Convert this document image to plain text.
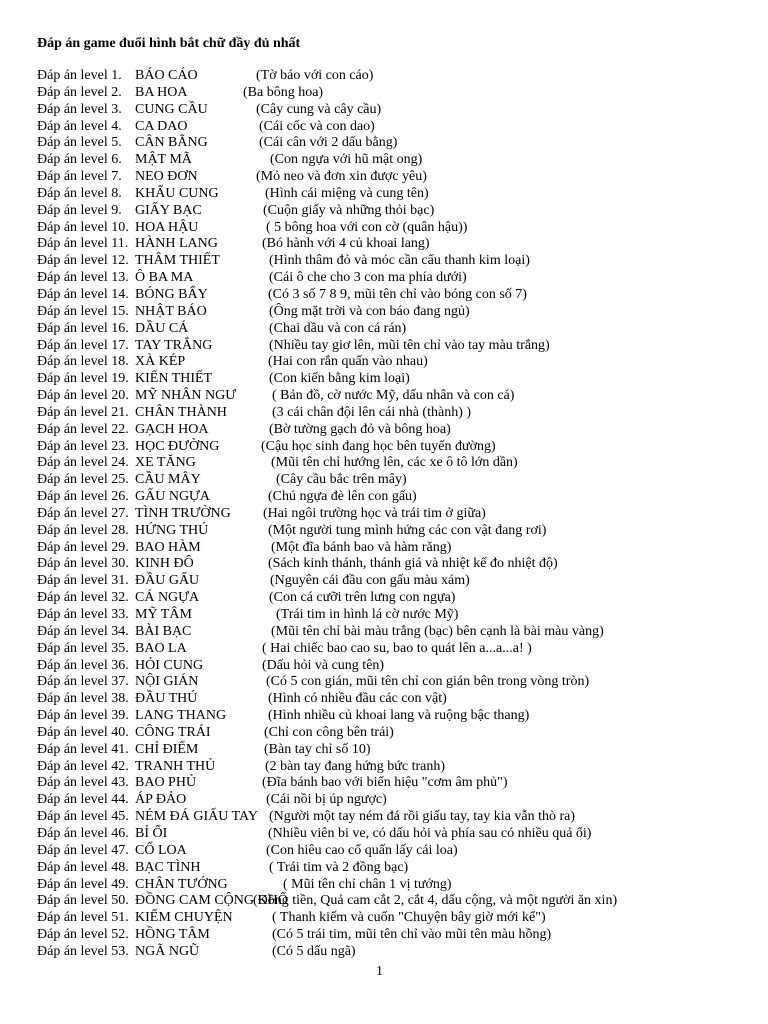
Đáp án game đuổi hình bắt chữ đầy đủ nhất
Đáp án level 1. BÁO CÁO	(Tờ báo với con cáo)
Đáp án level 2. BA HOA	(Ba bông hoa)
Đáp án level 3. CUNG CẦU	(Cây cung và cây cầu)
Đáp án level 4. CA DAO	(Cái cốc và con dao)
Đáp án level 5. CÂN BẰNG	(Cái cân với 2 dấu bằng)
Đáp án level 6. MẬT MÃ	(Con ngựa với hũ mật ong)
Đáp án level 7. NEO ĐƠN	(Mỏ neo và đơn xin được yêu)
Đáp án level 8. KHẨU CUNG	(Hình cái miệng và cung tên)
Đáp án level 9. GIẤY BẠC	(Cuộn giấy và những thỏi bạc)
Đáp án level 10. HOA HẬU	( 5 bông hoa với con cờ (quân hậu))
Đáp án level 11. HÀNH LANG	(Bó hành với 4 củ khoai lang)
Đáp án level 12. THÂM THIẾT	(Hình thâm đỏ và móc cần cẩu thanh kim loại)
Đáp án level 13. Ô BA MA	(Cái ô che cho 3 con ma phía dưới)
Đáp án level 14. BÓNG BẨY	(Có 3 số 7 8 9, mũi tên chỉ vào bóng con số 7)
Đáp án level 15. NHẬT BÁO	(Ông mặt trời và con báo đang ngủ)
Đáp án level 16. DẦU CÁ	(Chai dầu và con cá rán)
Đáp án level 17. TAY TRẮNG	(Nhiều tay giơ lên, mũi tên chỉ vào tay màu trắng)
Đáp án level 18. XÀ KÉP	(Hai con rắn quấn vào nhau)
Đáp án level 19. KIẾN THIẾT	(Con kiến bằng kim loại)
Đáp án level 20. MỸ NHÂN NGƯ	( Bản đồ, cờ nước Mỹ, dấu nhân và con cá)
Đáp án level 21. CHÂN THÀNH	(3 cái chân đội lên cái nhà (thành) )
Đáp án level 22. GẠCH HOA	(Bờ tường gạch đỏ và bông hoa)
Đáp án level 23. HỌC ĐƯỜNG	(Cậu học sinh đang học bên tuyến đường)
Đáp án level 24. XE TĂNG	(Mũi tên chỉ hướng lên, các xe ô tô lớn dần)
Đáp án level 25. CẦU MÂY	(Cây cầu bắc trên mây)
Đáp án level 26. GẤU NGỰA	(Chú ngựa đè lên con gấu)
Đáp án level 27. TÌNH TRƯỜNG (Hai ngôi trường học và trái tim ở giữa)
Đáp án level 28. HỨNG THÚ	(Một người tung mình hứng các con vật đang rơi)
Đáp án level 29. BAO HÀM	(Một đĩa bánh bao và hàm răng)
Đáp án level 30. KINH ĐÔ	(Sách kinh thánh, thánh giá và nhiệt kế đo nhiệt độ)
Đáp án level 31. ĐẦU GẤU	(Nguyên cái đầu con gấu màu xám)
Đáp án level 32. CÁ NGỰA	(Con cá cưỡi trên lưng con ngựa)
Đáp án level 33. MỸ TÂM	(Trái tim in hình lá cờ nước Mỹ)
Đáp án level 34. BÀI BẠC	(Mũi tên chỉ bài màu trắng (bạc) bên cạnh là bài màu vàng)
Đáp án level 35. BAO LA	( Hai chiếc bao cao su, bao to quát lên a...a...a! )
Đáp án level 36. HỎI CUNG	(Dấu hỏi và cung tên)
Đáp án level 37. NỘI GIÁN	(Có 5 con gián, mũi tên chỉ con gián bên trong vòng tròn)
Đáp án level 38. ĐẦU THÚ	(Hình có nhiều đầu các con vật)
Đáp án level 39. LANG THANG	(Hình nhiều củ khoai lang và ruộng bậc thang)
Đáp án level 40. CÔNG TRÁI	(Chỉ con công bên trái)
Đáp án level 41. CHỈ ĐIỂM	(Bàn tay chỉ số 10)
Đáp án level 42. TRANH THỦ	(2 bàn tay đang hứng bức tranh)
Đáp án level 43. BAO PHỦ	(Đĩa bánh bao với biển hiệu "cơm âm phủ")
Đáp án level 44. ÁP ĐẢO	(Cái nồi bị úp ngược)
Đáp án level 45. NÉM ĐÁ GIẤU TAY (Người một tay ném đá rồi giấu tay, tay kia vẫn thò ra)
Đáp án level 46. BỈ ỔI	(Nhiều viên bi ve, có dấu hỏi và phía sau có nhiều quả ổi)
Đáp án level 47. CỔ LOA	(Con hiêu cao cổ quấn lấy cái loa)
Đáp án level 48. BẠC TÌNH	( Trái tim và 2 đồng bạc)
Đáp án level 49. CHÂN TƯỚNG	( Mũi tên chỉ chân 1 vị tướng)
Đáp án level 50. ĐỒNG CAM CỘNG KHỔ
(Đồng tiền, Quả cam cắt 2, cắt 4, dấu cộng, và một người ăn xin)
Đáp án level 51. KIẾM CHUYỆN	( Thanh kiếm và cuốn "Chuyện bây giờ mới kể")
Đáp án level 52. HỒNG TÂM	(Có 5 trái tim, mũi tên chỉ vào mũi tên màu hồng)
Đáp án level 53. NGÃ NGŨ	(Có 5 dấu ngã)
1
